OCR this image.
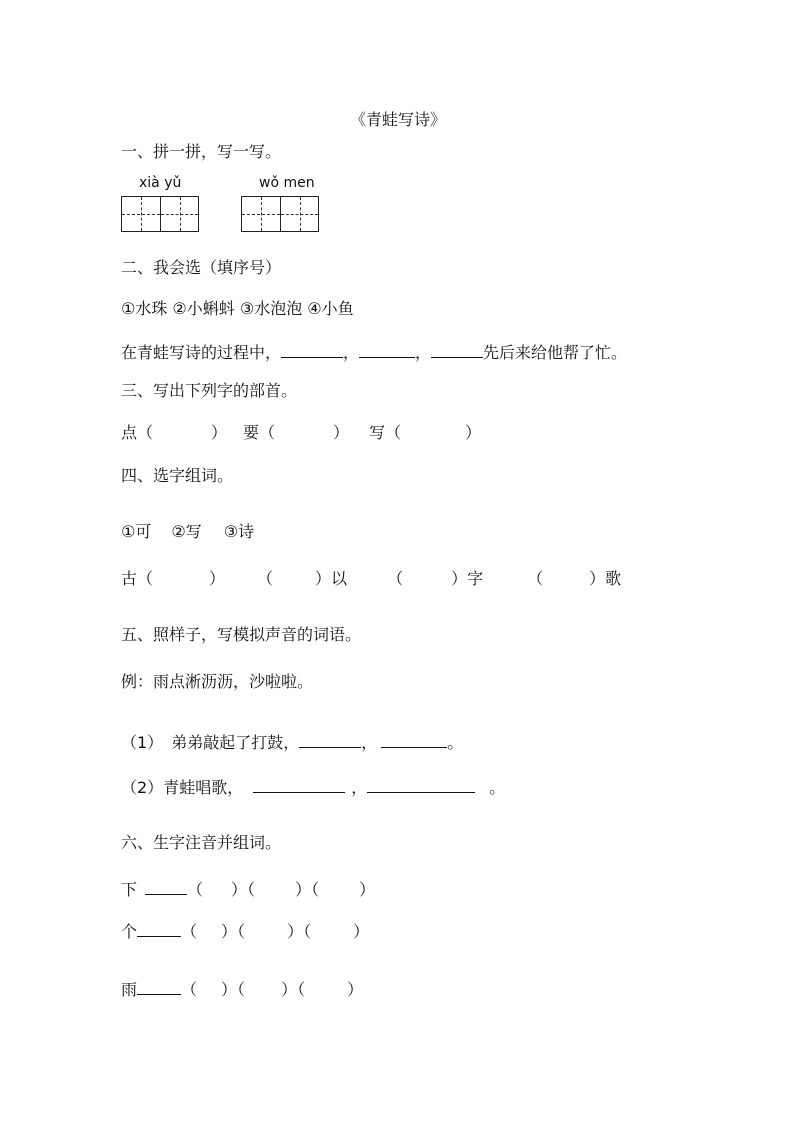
《青蛙写诗》
一、拼一拼，写一写。
xià yǔ	wǒ men
二、我会选（填序号）
①水珠 ②小蝌蚪 ③水泡泡 ④小鱼
在青蛙写诗的过程中，	，	，	先后来给他帮了忙。
三、写出下列字的部首。
点（	） 要（	） 写（	）
四、选字组词。
①可 ②写 ③诗
古（	） （	）以	（	）字	（	）歌
五、照样子，写模拟声音的词语。
例：雨点淅沥沥，沙啦啦。
（1） 弟弟敲起了打鼓，	，	。
（2）青蛙唱歌，	，	。
六、生字注音并组词。
下	（ ）（	）（	）
个	（ ）（	）（	）
雨	（ ）（ ）（	）
